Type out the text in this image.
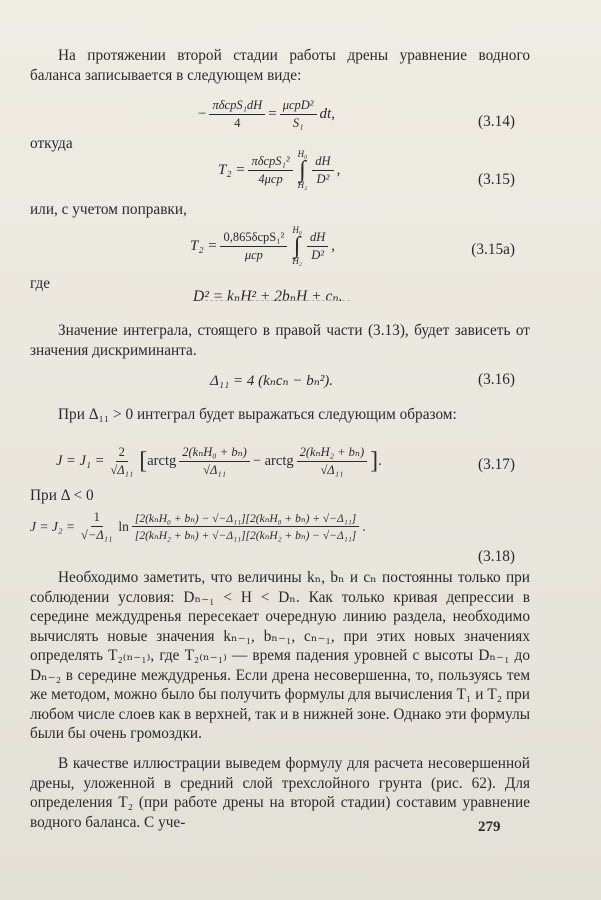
На протяжении второй стадии работы дрены уравнение водного баланса записывается в следующем виде:

− $\frac{\text{πδсрS₁dH}}{4} = \frac{\text{μсрD²}}{\text{S₁}}$ dt,	(3.14)
откуда
$T_2 = \frac{\text{πδсрS₁²}}{\text{4μср}} H_0$
∫
$H_2 \frac{dH}{\text{D²}}$ ,
(3.15)
или, с учетом поправки,
$T_2 = \frac{\text{0,865δсрS₁²}}{\text{μср}} H_0$
∫
$H_2 \frac{dH}{\text{D²}}$ ,	(3.15а)
где
D² = kₙH² + 2bₙH + cₙ.

Значение интеграла, стоящего в правой части (3.13), будет зависеть от значения дискриминанта.

Δ₁₁ = 4 (kₙcₙ − bₙ²).	(3.16)

При Δ₁₁ > 0 интеграл будет выражаться следующим образом:

$J = J_1 = \frac{2}{\text{√Δ₁₁}}$ [ arctg $\frac{\text{2(kₙH₀ + bₙ)}}{\text{√Δ₁₁}}$ − arctg $\frac{\text{2(kₙH₂ + bₙ)}}{\text{√Δ₁₁}}$ ] .	(3.17)
При Δ < 0
$J = J_2 = \frac{1}{\text{√−Δ₁₁}}$ $\ln \frac{\text{[2(kₙH₀ + bₙ) − √−Δ₁₁][2(kₙH₀ + bₙ) + √−Δ₁₁]}}{\text{[2(kₙH₂ + bₙ) + √−Δ₁₁][2(kₙH₂ + bₙ) − √−Δ₁₁]}}$ .
(3.18)

Необходимо заметить, что величины kₙ, bₙ и cₙ постоянны только при соблюдении условия: Dₙ₋₁ < H < Dₙ. Как только кривая депрессии в середине междудренья пересекает очередную линию раздела, необходимо вычислять новые значения kₙ₋₁, bₙ₋₁, cₙ₋₁, при этих новых значениях определять T₂₍ₙ₋₁₎, где T₂₍ₙ₋₁₎ — время падения уровней с высоты Dₙ₋₁ до Dₙ₋₂ в середине междудренья. Если дрена несовершенна, то, пользуясь тем же методом, можно было бы получить формулы для вычисления T₁ и T₂ при любом числе слоев как в верхней, так и в нижней зоне. Однако эти формулы были бы очень громоздки.

В качестве иллюстрации выведем формулу для расчета несовершенной дрены, уложенной в средний слой трехслойного грунта (рис. 62). Для определения T₂ (при работе дрены на второй стадии) составим уравнение водного баланса. С уче-	279
